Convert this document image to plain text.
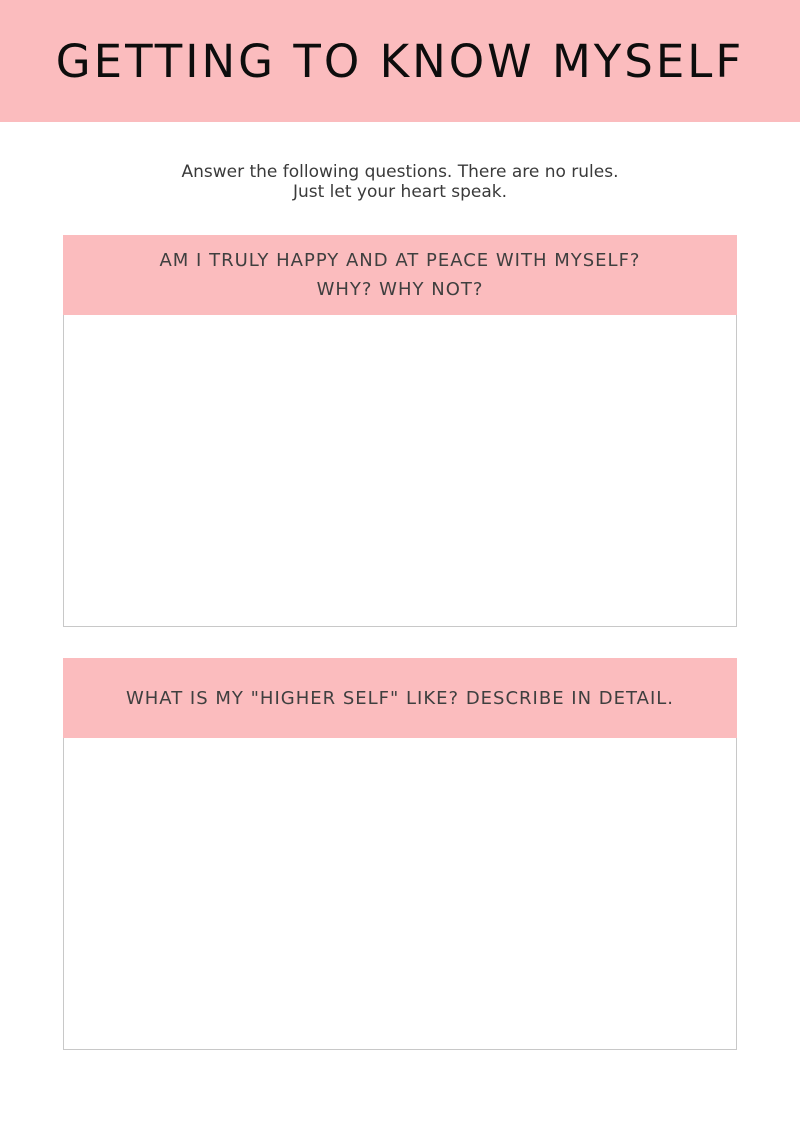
GETTING TO KNOW MYSELF
Answer the following questions. There are no rules.
Just let your heart speak.
AM I TRULY HAPPY AND AT PEACE WITH MYSELF?
WHY? WHY NOT?
WHAT IS MY "HIGHER SELF" LIKE? DESCRIBE IN DETAIL.
